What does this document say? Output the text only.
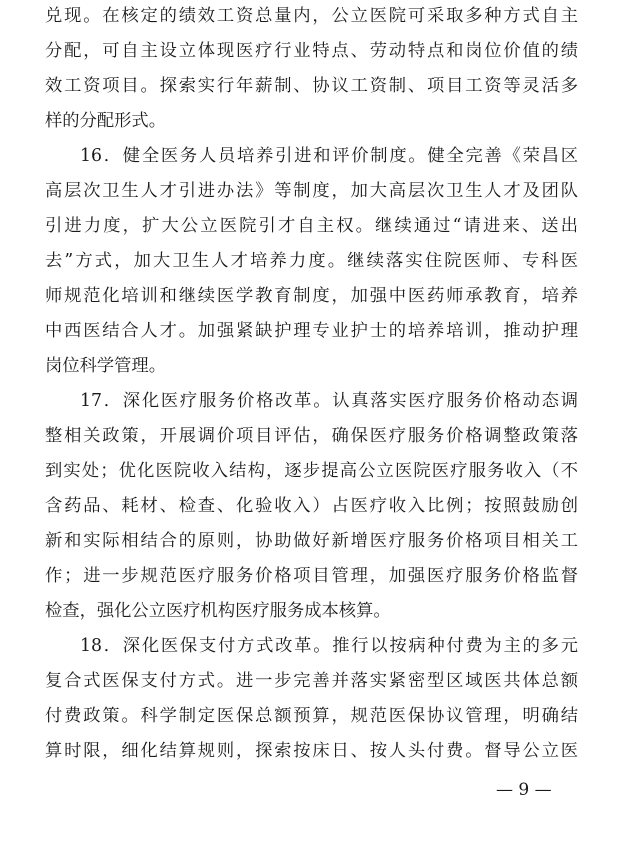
兑现。在核定的绩效工资总量内，公立医院可采取多种方式自主
分配，可自主设立体现医疗行业特点、劳动特点和岗位价值的绩
效工资项目。探索实行年薪制、协议工资制、项目工资等灵活多
样的分配形式。
16．健全医务人员培养引进和评价制度。健全完善《荣昌区
高层次卫生人才引进办法》等制度，加大高层次卫生人才及团队
引进力度，扩大公立医院引才自主权。继续通过“请进来、送出
去”方式，加大卫生人才培养力度。继续落实住院医师、专科医
师规范化培训和继续医学教育制度，加强中医药师承教育，培养
中西医结合人才。加强紧缺护理专业护士的培养培训，推动护理
岗位科学管理。
17．深化医疗服务价格改革。认真落实医疗服务价格动态调
整相关政策，开展调价项目评估，确保医疗服务价格调整政策落
到实处；优化医院收入结构，逐步提高公立医院医疗服务收入（不
含药品、耗材、检查、化验收入）占医疗收入比例；按照鼓励创
新和实际相结合的原则，协助做好新增医疗服务价格项目相关工
作；进一步规范医疗服务价格项目管理，加强医疗服务价格监督
检查，强化公立医疗机构医疗服务成本核算。
18．深化医保支付方式改革。推行以按病种付费为主的多元
复合式医保支付方式。进一步完善并落实紧密型区域医共体总额
付费政策。科学制定医保总额预算，规范医保协议管理，明确结
算时限，细化结算规则，探索按床日、按人头付费。督导公立医
— 9 —
